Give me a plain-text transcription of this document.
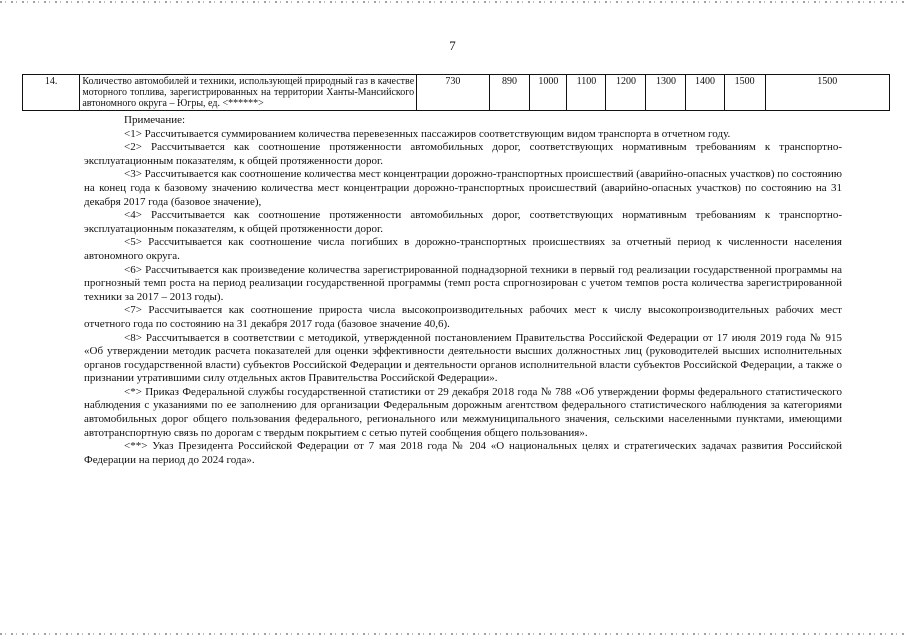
7
14.	Количество автомобилей и техники, использующей природный газ в качестве моторного топлива, зарегистрированных на территории Ханты-Мансийского автономного округа – Югры, ед. <******>	730	890	1000	1100	1200	1300	1400	1500	1500
Примечание:

<1> Рассчитывается суммированием количества перевезенных пассажиров соответствующим видом транспорта в отчетном году.

<2> Рассчитывается как соотношение протяженности автомобильных дорог, соответствующих нормативным требованиям к транспортно-эксплуатационным показателям, к общей протяженности дорог.

<3> Рассчитывается как соотношение количества мест концентрации дорожно-транспортных происшествий (аварийно-опасных участков) по состоянию на конец года к базовому значению количества мест концентрации дорожно-транспортных происшествий (аварийно-опасных участков) по состоянию на 31 декабря 2017 года (базовое значение),

<4> Рассчитывается как соотношение протяженности автомобильных дорог, соответствующих нормативным требованиям к транспортно-эксплуатационным показателям, к общей протяженности дорог.

<5> Рассчитывается как соотношение числа погибших в дорожно-транспортных происшествиях за отчетный период к численности населения автономного округа.

<6> Рассчитывается как произведение количества зарегистрированной поднадзорной техники в первый год реализации государственной программы на прогнозный темп роста на период реализации государственной программы (темп роста спрогнозирован с учетом темпов роста количества зарегистрированной техники за 2017 – 2013 годы).

<7> Рассчитывается как соотношение прироста числа высокопроизводительных рабочих мест к числу высокопроизводительных рабочих мест отчетного года по состоянию на 31 декабря 2017 года (базовое значение 40,6).

<8> Рассчитывается в соответствии с методикой, утвержденной постановлением Правительства Российской Федерации от 17 июля 2019 года № 915 «Об утверждении методик расчета показателей для оценки эффективности деятельности высших должностных лиц (руководителей высших исполнительных органов государственной власти) субъектов Российской Федерации и деятельности органов исполнительной власти субъектов Российской Федерации, а также о признании утратившими силу отдельных актов Правительства Российской Федерации».

<*> Приказ Федеральной службы государственной статистики от 29 декабря 2018 года № 788 «Об утверждении формы федерального статистического наблюдения с указаниями по ее заполнению для организации Федеральным дорожным агентством федерального статистического наблюдения за категориями автомобильных дорог общего пользования федерального, регионального или межмуниципального значения, сельскими населенными пунктами, имеющими автотранспортную связь по дорогам с твердым покрытием с сетью путей сообщения общего пользования».

<**> Указ Президента Российской Федерации от 7 мая 2018 года № 204 «О национальных целях и стратегических задачах развития Российской Федерации на период до 2024 года».
